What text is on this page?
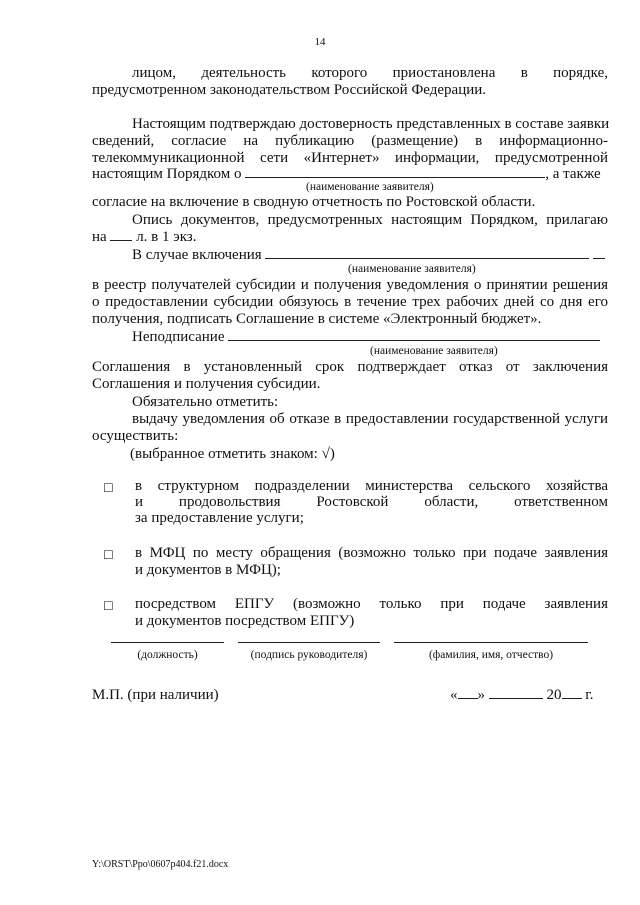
14
лицом, деятельность которого приостановлена в порядке,
предусмотренном законодательством Российской Федерации.
Настоящим подтверждаю достоверность представленных в составе заявки
сведений, согласие на публикацию (размещение) в информационно-
телекоммуникационной сети «Интернет» информации, предусмотренной
настоящим Порядком о	, а также
(наименование заявителя)
согласие на включение в сводную отчетность по Ростовской области.
Опись документов, предусмотренных настоящим Порядком, прилагаю
на л. в 1 экз.
В случае включения
(наименование заявителя)
в реестр получателей субсидии и получения уведомления о принятии решения
о предоставлении субсидии обязуюсь в течение трех рабочих дней со дня его
получения, подписать Соглашение в системе «Электронный бюджет».
Неподписание
(наименование заявителя)
Соглашения в установленный срок подтверждает отказ от заключения
Соглашения и получения субсидии.
Обязательно отметить:
выдачу уведомления об отказе в предоставлении государственной услуги
осуществить:
(выбранное отметить знаком: √)
☐ в структурном подразделении министерства сельского хозяйства
и продовольствия Ростовской области, ответственном
за предоставление услуги;
☐ в МФЦ по месту обращения (возможно только при подаче заявления
и документов в МФЦ);
☐ посредством ЕПГУ (возможно только при подаче заявления
и документов посредством ЕПГУ)
(должность)	(подпись руководителя)	(фамилия, имя, отчество)
М.П. (при наличии)	« »	20 г.
Y:\ORST\Ppo\0607p404.f21.docx
